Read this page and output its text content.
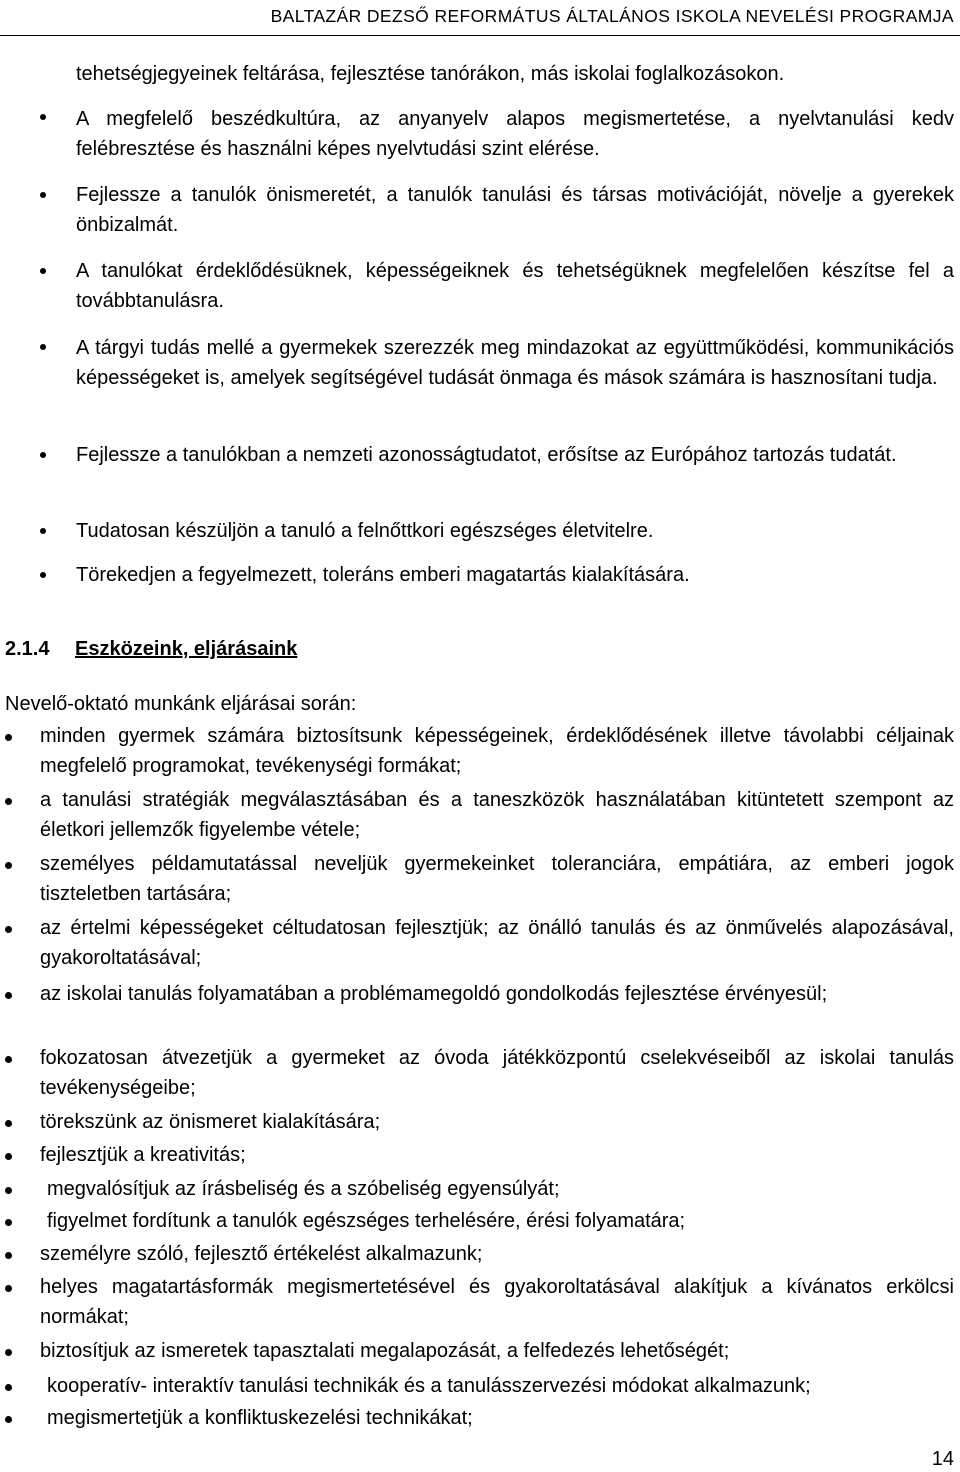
BALTAZÁR DEZSŐ REFORMÁTUS ÁLTALÁNOS ISKOLA NEVELÉSI PROGRAMJA
tehetségjegyeinek feltárása, fejlesztése tanórákon, más iskolai foglalkozásokon.
A megfelelő beszédkultúra, az anyanyelv alapos megismertetése, a nyelvtanulási kedv felébresztése és használni képes nyelvtudási szint elérése.
Fejlessze a tanulók önismeretét, a tanulók tanulási és társas motivációját, növelje a gyerekek önbizalmát.
A tanulókat érdeklődésüknek, képességeiknek és tehetségüknek megfelelően készítse fel a továbbtanulásra.
A tárgyi tudás mellé a gyermekek szerezzék meg mindazokat az együttműködési, kommunikációs képességeket is, amelyek segítségével tudását önmaga és mások számára is hasznosítani tudja.
Fejlessze a tanulókban a nemzeti azonosságtudatot, erősítse az Európához tartozás tudatát.
Tudatosan készüljön a tanuló a felnőttkori egészséges életvitelre.
Törekedjen a fegyelmezett, toleráns emberi magatartás kialakítására.
2.1.4 Eszközeink, eljárásaink
Nevelő-oktató munkánk eljárásai során:
minden gyermek számára biztosítsunk képességeinek, érdeklődésének illetve távolabbi céljainak megfelelő programokat, tevékenységi formákat;
a tanulási stratégiák megválasztásában és a taneszközök használatában kitüntetett szempont az életkori jellemzők figyelembe vétele;
személyes példamutatással neveljük gyermekeinket toleranciára, empátiára, az emberi jogok tiszteletben tartására;
az értelmi képességeket céltudatosan fejlesztjük; az önálló tanulás és az önművelés alapozásával, gyakoroltatásával;
az iskolai tanulás folyamatában a problémamegoldó gondolkodás fejlesztése érvényesül;
fokozatosan átvezetjük a gyermeket az óvoda játékközpontú cselekvéseiből az iskolai tanulás tevékenységeibe;
törekszünk az önismeret kialakítására;
fejlesztjük a kreativitás;
megvalósítjuk az írásbeliség és a szóbeliség egyensúlyát;
figyelmet fordítunk a tanulók egészséges terhelésére, érési folyamatára;
személyre szóló, fejlesztő értékelést alkalmazunk;
helyes magatartásformák megismertetésével és gyakoroltatásával alakítjuk a kívánatos erkölcsi normákat;
biztosítjuk az ismeretek tapasztalati megalapozását, a felfedezés lehetőségét;
kooperatív- interaktív tanulási technikák és a tanulásszervezési módokat alkalmazunk;
megismertetjük a konfliktuskezelési technikákat;
14
